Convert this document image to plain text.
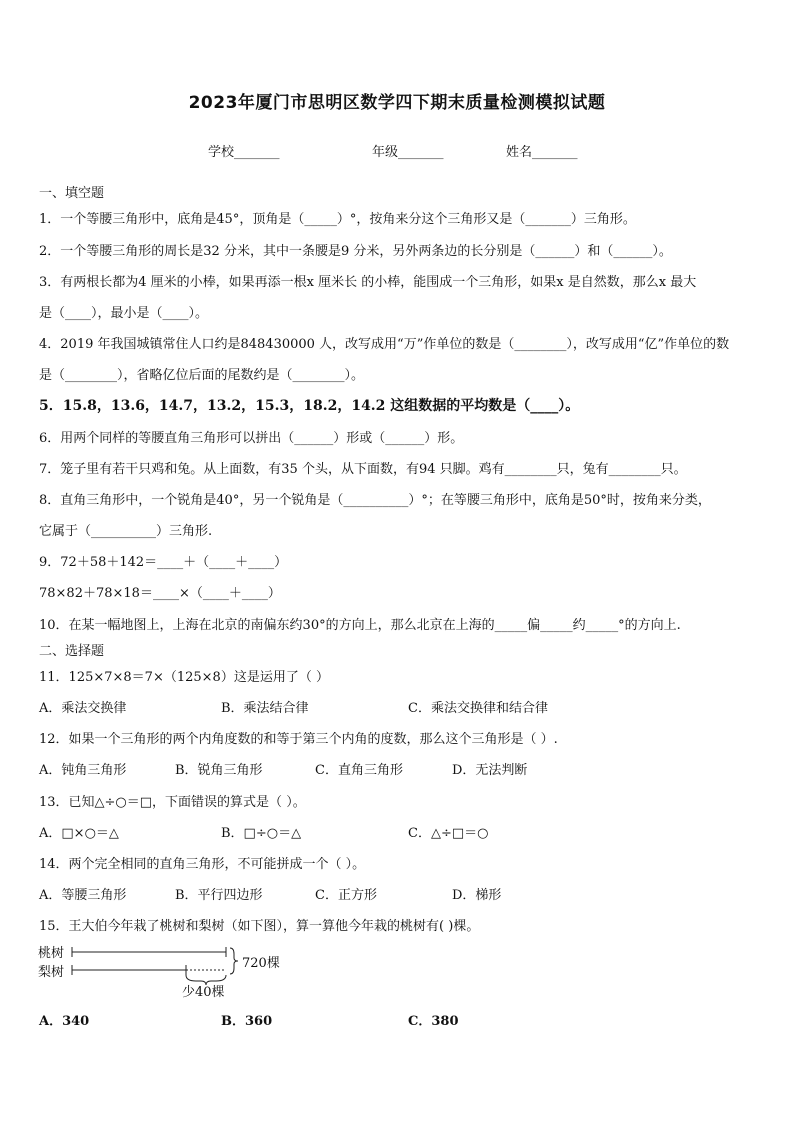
2023年厦门市思明区数学四下期末质量检测模拟试题
学校_______	年级_______	姓名_______
一、填空题
1．一个等腰三角形中，底角是45°，顶角是（_____）°，按角来分这个三角形又是（_______）三角形。
2．一个等腰三角形的周长是32 分米，其中一条腰是9 分米，另外两条边的长分别是（______）和（______）。
3．有两根长都为4 厘米的小棒，如果再添一根x 厘米长 的小棒，能围成一个三角形，如果x 是自然数，那么x 最大
是（____），最小是（____）。
4．2019 年我国城镇常住人口约是848430000 人，改写成用“万”作单位的数是（________），改写成用“亿”作单位的数
是（________），省略亿位后面的尾数约是（________）。
5．15.8，13.6，14.7，13.2，15.3，18.2，14.2 这组数据的平均数是（____）。
6．用两个同样的等腰直角三角形可以拼出（______）形或（______）形。
7．笼子里有若干只鸡和兔。从上面数，有35 个头，从下面数，有94 只脚。鸡有________只，兔有________只。
8．直角三角形中，一个锐角是40°，另一个锐角是（__________）°；在等腰三角形中，底角是50°时，按角来分类，
它属于（__________）三角形.
9．72＋58＋142＝____＋（____＋____）
78×82＋78×18＝____×（____＋____）
10．在某一幅地图上，上海在北京的南偏东约30°的方向上，那么北京在上海的_____偏_____约_____°的方向上.
二、选择题
11．125×7×8＝7×（125×8）这是运用了（ ）
A．乘法交换律	B．乘法结合律	C．乘法交换律和结合律
12．如果一个三角形的两个内角度数的和等于第三个内角的度数，那么这个三角形是（ ）.
A．钝角三角形	B．锐角三角形	C．直角三角形	D．无法判断
13．已知△÷○＝□，下面错误的算式是（ ）。
A．□×○＝△	B．□÷○＝△	C．△÷□＝○
14．两个完全相同的直角三角形，不可能拼成一个（ ）。
A．等腰三角形	B．平行四边形	C．正方形	D．梯形
15．王大伯今年栽了桃树和梨树（如下图），算一算他今年栽的桃树有( )棵。
桃树
梨树
720棵
少40棵
A．340	B．360	C．380
